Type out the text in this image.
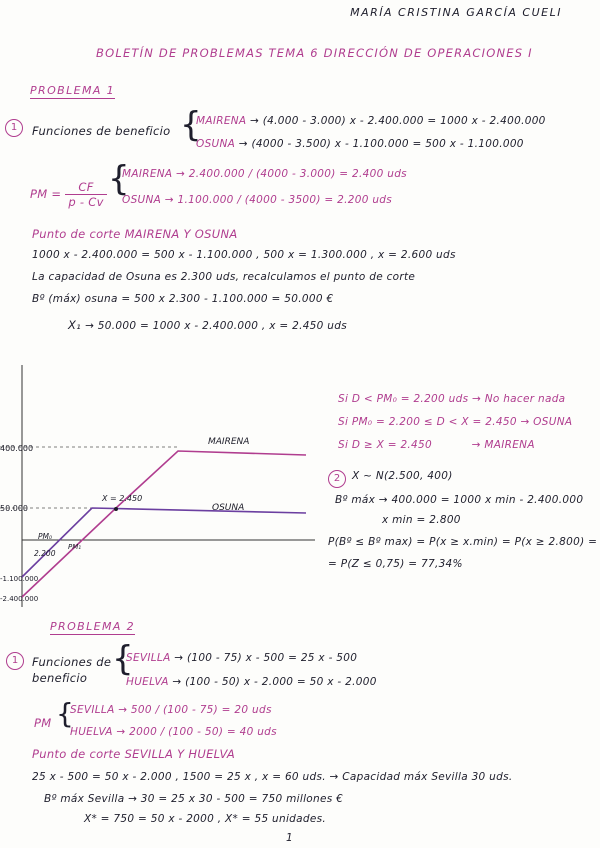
MARÍA CRISTINA GARCÍA CUELI
BOLETÍN DE PROBLEMAS TEMA 6 DIRECCIÓN DE OPERACIONES I
PROBLEMA 1
1	Funciones de beneficio {
MAIRENA → (4.000 - 3.000) x - 2.400.000 = 1000 x - 2.400.000
OSUNA → (4000 - 3.500) x - 1.100.000 = 500 x - 1.100.000
PM = $\frac{CF}{p - Cv}$ {
MAIRENA → 2.400.000 / (4000 - 3.000) = 2.400 uds
OSUNA → 1.100.000 / (4000 - 3500) = 2.200 uds
Punto de corte MAIRENA Y OSUNA
1000 x - 2.400.000 = 500 x - 1.100.000 , 500 x = 1.300.000 , x = 2.600 uds
La capacidad de Osuna es 2.300 uds, recalculamos el punto de corte
Bº (máx) osuna = 500 x 2.300 - 1.100.000 = 50.000 €
X₁ → 50.000 = 1000 x - 2.400.000 , x = 2.450 uds
400.000
50.000
-1.100.000
-2.400.000
MAIRENA
OSUNA
X = 2.450
PM₀
2.200
PM₁
Si D < PM₀ = 2.200 uds → No hacer nada
Si PM₀ = 2.200 ≤ D < X = 2.450 → OSUNA
Si D ≥ X = 2.450	→ MAIRENA
2	X ~ N(2.500, 400)
Bº máx → 400.000 = 1000 x min - 2.400.000
x min = 2.800
P(Bº ≤ Bº max) = P(x ≥ x.min) = P(x ≥ 2.800) =
= P(Z ≤ 0,75) = 77,34%
PROBLEMA 2
1	Funciones de beneficio {
SEVILLA → (100 - 75) x - 500 = 25 x - 500
HUELVA → (100 - 50) x - 2.000 = 50 x - 2.000
PM {
SEVILLA → 500 / (100 - 75) = 20 uds
HUELVA → 2000 / (100 - 50) = 40 uds
Punto de corte SEVILLA Y HUELVA
25 x - 500 = 50 x - 2.000 , 1500 = 25 x , x = 60 uds. → Capacidad máx Sevilla 30 uds.
Bº máx Sevilla → 30 = 25 x 30 - 500 = 750 millones €
X* = 750 = 50 x - 2000 , X* = 55 unidades.
1
